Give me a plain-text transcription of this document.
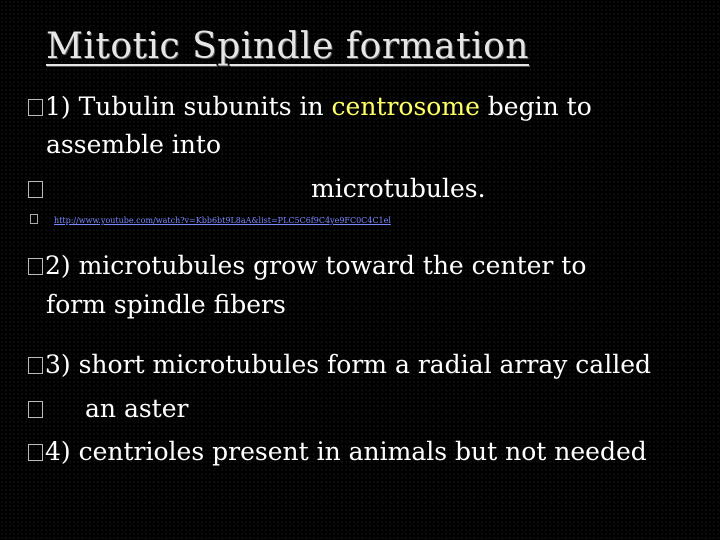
Mitotic Spindle formation
1) Tubulin subunits in centrosome begin to
assemble into
microtubules.
http://www.youtube.com/watch?v=Kbb6bt9L8aA&list=PLC5C6f9C4ye9FC0C4C1el
2) microtubules grow toward the center to
form spindle fibers
3) short microtubules form a radial array called
an aster
4) centrioles present in animals but not needed
